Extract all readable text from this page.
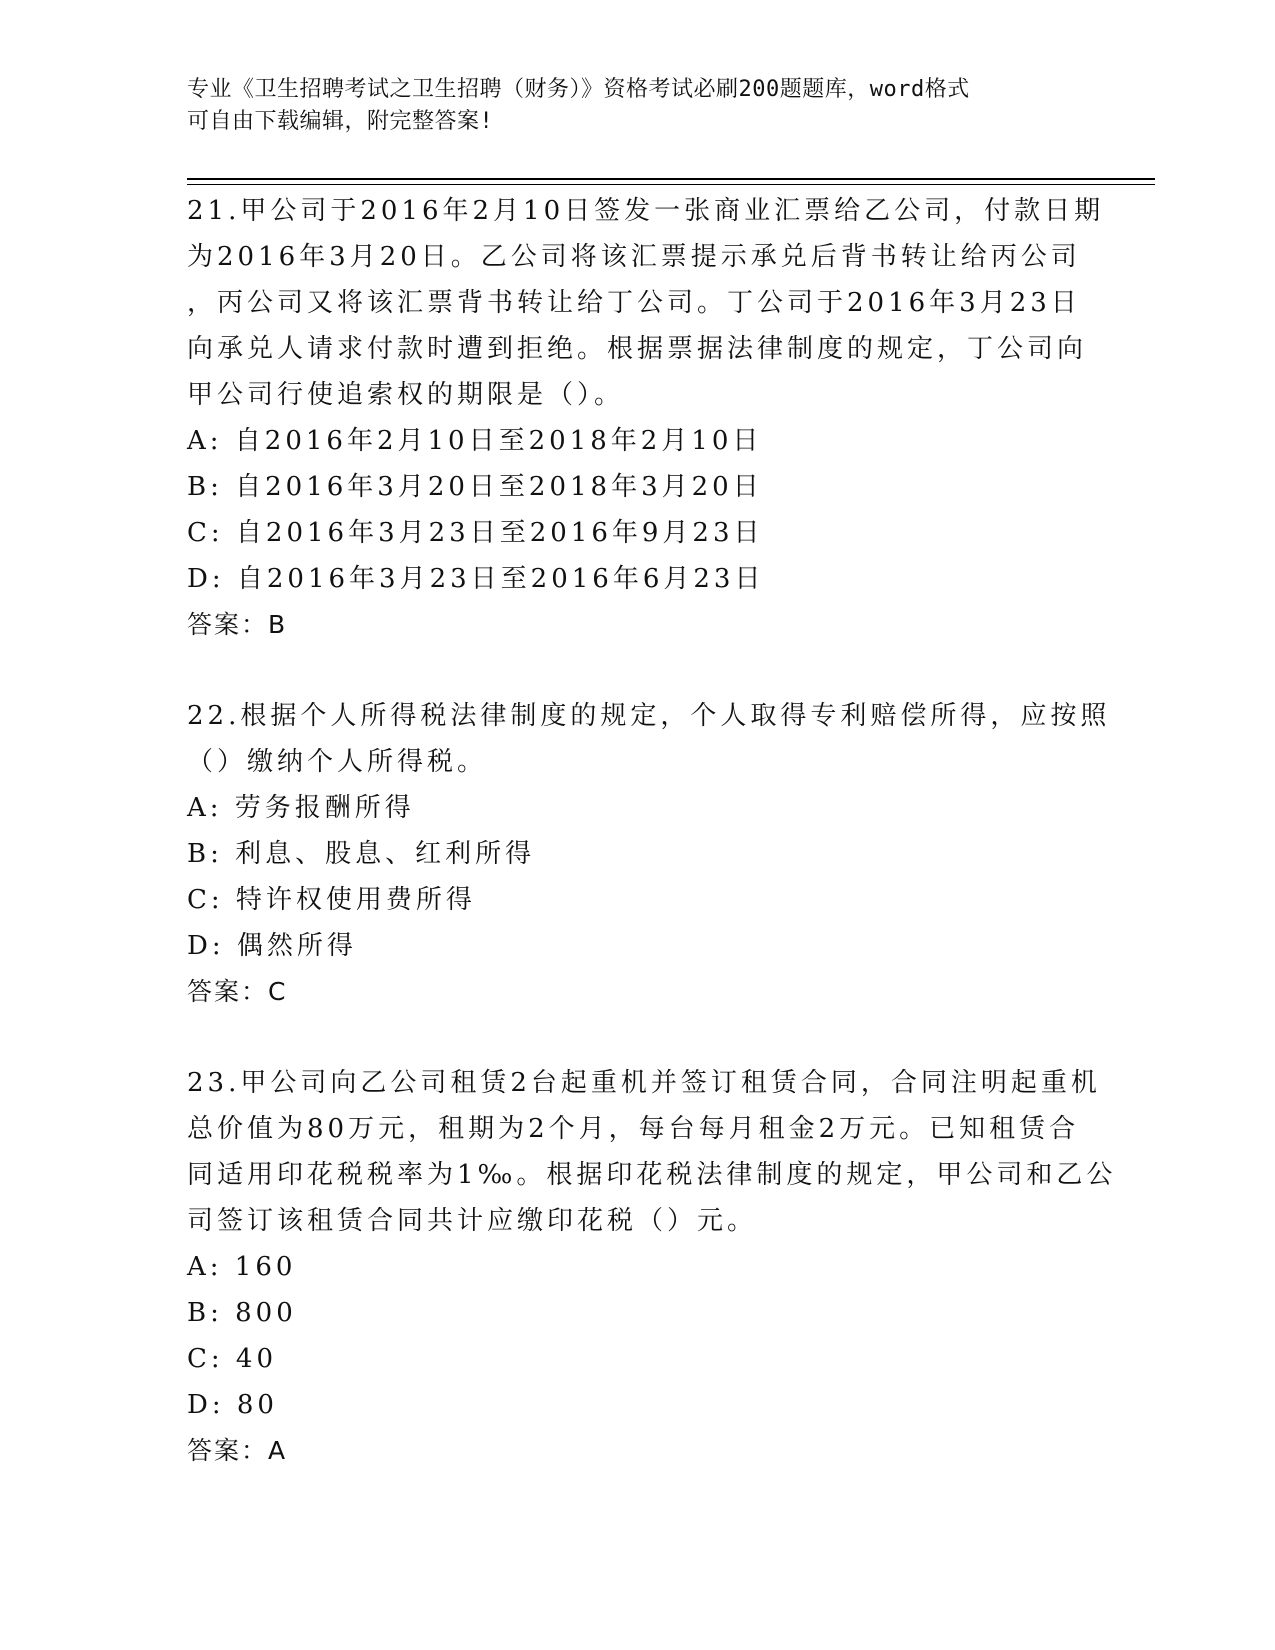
专业《卫生招聘考试之卫生招聘（财务）》资格考试必刷200题题库，word格式
可自由下载编辑，附完整答案!
21.甲公司于2016年2月10日签发一张商业汇票给乙公司，付款日期
为2016年3月20日。乙公司将该汇票提示承兑后背书转让给丙公司
，丙公司又将该汇票背书转让给丁公司。丁公司于2016年3月23日
向承兑人请求付款时遭到拒绝。根据票据法律制度的规定，丁公司向
甲公司行使追索权的期限是（）。
A: 自2016年2月10日至2018年2月10日
B: 自2016年3月20日至2018年3月20日
C: 自2016年3月23日至2016年9月23日
D: 自2016年3月23日至2016年6月23日
答案：B
22.根据个人所得税法律制度的规定，个人取得专利赔偿所得，应按照
（）缴纳个人所得税。
A: 劳务报酬所得
B: 利息、股息、红利所得
C: 特许权使用费所得
D: 偶然所得
答案：C
23.甲公司向乙公司租赁2台起重机并签订租赁合同，合同注明起重机
总价值为80万元，租期为2个月，每台每月租金2万元。已知租赁合
同适用印花税税率为1‰。根据印花税法律制度的规定，甲公司和乙公
司签订该租赁合同共计应缴印花税（）元。
A: 160
B: 800
C: 40
D: 80
答案：A
